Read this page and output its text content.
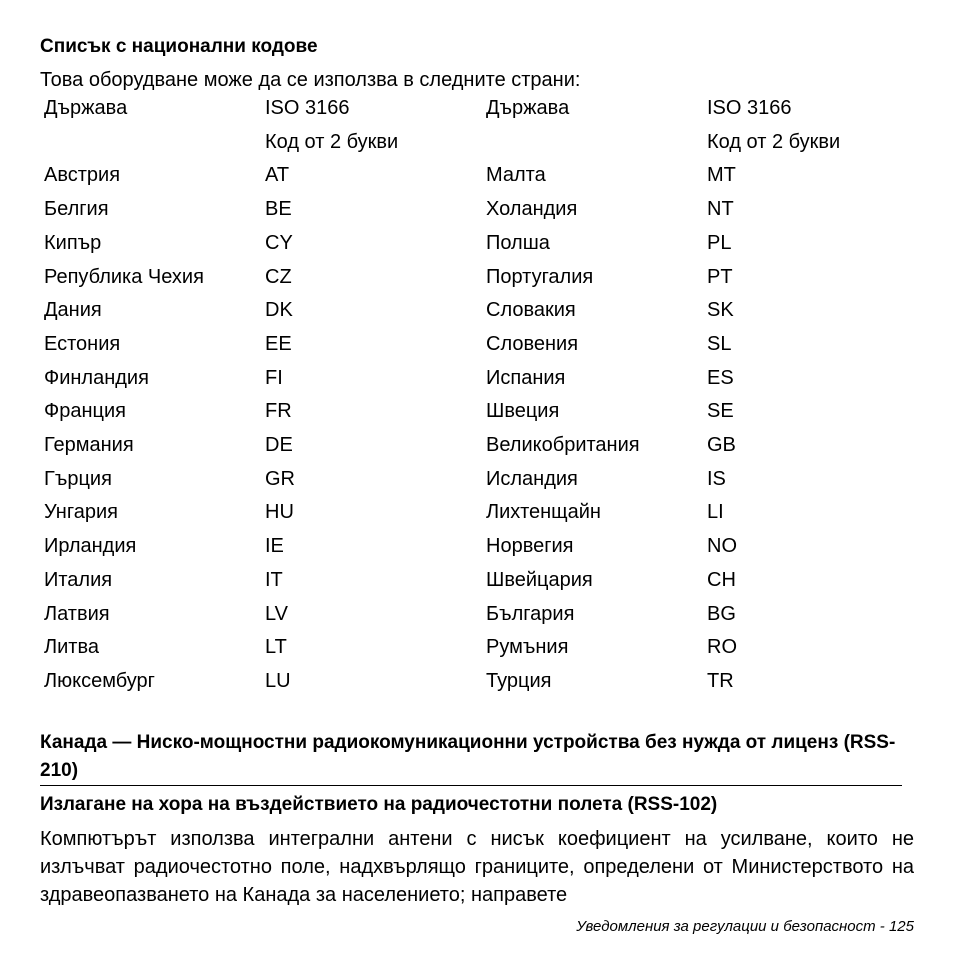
Списък с национални кодове

Това оборудване може да се използва в следните страни:

Държава	ISO 3166	Държава	ISO 3166
	Код от 2 букви		Код от 2 букви
Австрия	AT	Малта	MT
Белгия	BE	Холандия	NT
Кипър	CY	Полша	PL
Република Чехия	CZ	Португалия	PT
Дания	DK	Словакия	SK
Естония	EE	Словения	SL
Финландия	FI	Испания	ES
Франция	FR	Швеция	SE
Германия	DE	Великобритания	GB
Гърция	GR	Исландия	IS
Унгария	HU	Лихтенщайн	LI
Ирландия	IE	Норвегия	NO
Италия	IT	Швейцария	CH
Латвия	LV	България	BG
Литва	LT	Румъния	RO
Люксембург	LU	Турция	TR
Канада — Ниско-мощностни радиокомуникационни устройства без нужда от лиценз (RSS-210)
Излагане на хора на въздействието на радиочестотни полета (RSS-102)

Компютърът използва интегрални антени с нисък коефициент на усилване, които не излъчват радиочестотно поле, надхвърлящо границите, определени от Министерството на здравеопазването на Канада за населението; направете

Уведомления за регулации и безопасност - 125
